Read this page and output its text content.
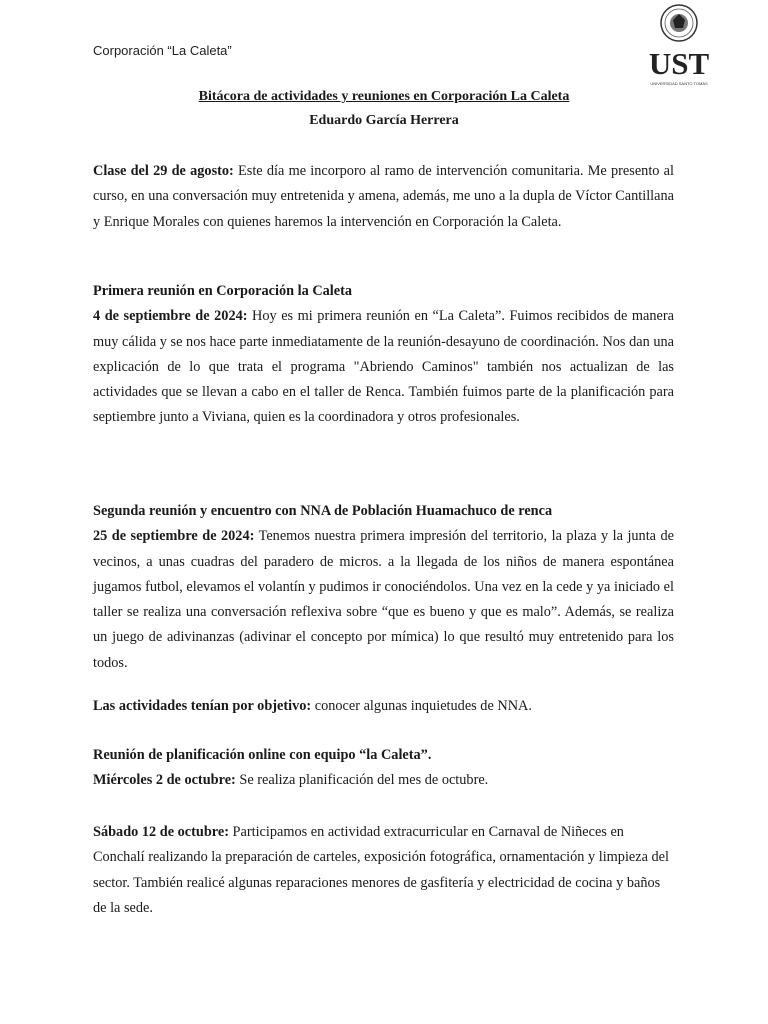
Corporación “La Caleta”	UST
UNIVERSIDAD SANTO TOMÁS
Bitácora de actividades y reuniones en Corporación La Caleta
Eduardo García Herrera
Clase del 29 de agosto: Este día me incorporo al ramo de intervención comunitaria. Me presento al curso, en una conversación muy entretenida y amena, además, me uno a la dupla de Víctor Cantillana y Enrique Morales con quienes haremos la intervención en Corporación la Caleta.
Primera reunión en Corporación la Caleta
4 de septiembre de 2024: Hoy es mi primera reunión en “La Caleta”. Fuimos recibidos de manera muy cálida y se nos hace parte inmediatamente de la reunión-desayuno de coordinación. Nos dan una explicación de lo que trata el programa "Abriendo Caminos" también nos actualizan de las actividades que se llevan a cabo en el taller de Renca. También fuimos parte de la planificación para septiembre junto a Viviana, quien es la coordinadora y otros profesionales.
Segunda reunión y encuentro con NNA de Población Huamachuco de renca
25 de septiembre de 2024: Tenemos nuestra primera impresión del territorio, la plaza y la junta de vecinos, a unas cuadras del paradero de micros. a la llegada de los niños de manera espontánea jugamos futbol, elevamos el volantín y pudimos ir conociéndolos. Una vez en la cede y ya iniciado el taller se realiza una conversación reflexiva sobre “que es bueno y que es malo”. Además, se realiza un juego de adivinanzas (adivinar el concepto por mímica) lo que resultó muy entretenido para los todos.
Las actividades tenían por objetivo: conocer algunas inquietudes de NNA.
Reunión de planificación online con equipo “la Caleta”.
Miércoles 2 de octubre: Se realiza planificación del mes de octubre.
Sábado 12 de octubre: Participamos en actividad extracurricular en Carnaval de Niñeces en Conchalí realizando la preparación de carteles, exposición fotográfica, ornamentación y limpieza del sector. También realicé algunas reparaciones menores de gasfitería y electricidad de cocina y baños de la sede.
